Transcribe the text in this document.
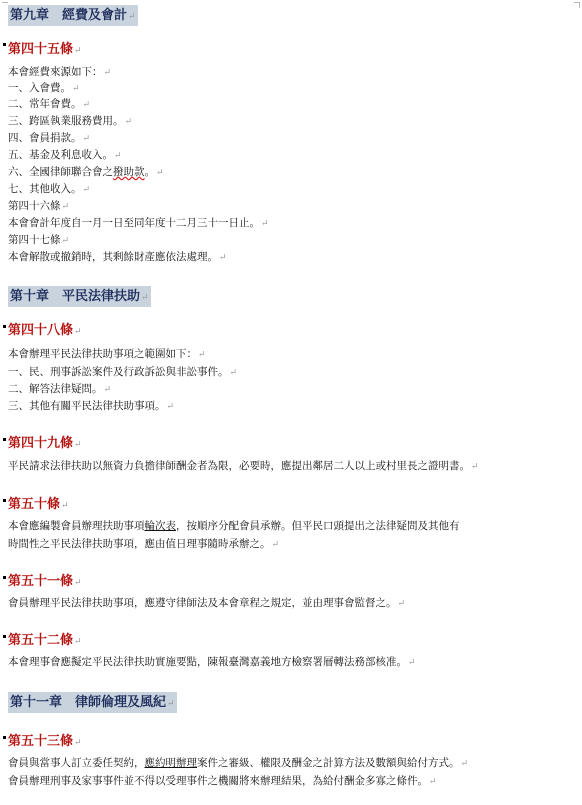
第九章　經費及會計↵
第四十五條↵
本會經費來源如下：↵
一、入會費。↵
二、常年會費。↵
三、跨區執業服務費用。↵
四、會員捐款。↵
五、基金及利息收入。↵
六、全國律師聯合會之撥助款。↵
七、其他收入。↵
第四十六條↵
本會會計年度自一月一日至同年度十二月三十一日止。↵
第四十七條↵
本會解散或撤銷時，其剩餘財產應依法處理。↵
第十章　平民法律扶助↵
第四十八條↵
本會辦理平民法律扶助事項之範圍如下：↵
一、民、刑事訴訟案件及行政訴訟與非訟事件。↵
二、解答法律疑問。↵
三、其他有關平民法律扶助事項。↵
第四十九條↵
平民請求法律扶助以無資力負擔律師酬金者為限，必要時，應提出鄰居二人以上或村里長之證明書。↵
第五十條↵
本會應編製會員辦理扶助事項輪次表，按順序分配會員承辦。但平民口頭提出之法律疑問及其他有
時間性之平民法律扶助事項，應由值日理事隨時承辦之。↵
第五十一條↵
會員辦理平民法律扶助事項，應遵守律師法及本會章程之規定，並由理事會監督之。↵
第五十二條↵
本會理事會應擬定平民法律扶助實施要點，陳報臺灣嘉義地方檢察署層轉法務部核准。↵
第十一章　律師倫理及風紀↵
第五十三條↵
會員與當事人訂立委任契約，應約明辦理案件之審級、權限及酬金之計算方法及數額與給付方式。↵
會員辦理刑事及家事事件並不得以受理事件之機關將來辦理結果，為給付酬金多寡之條件。↵
